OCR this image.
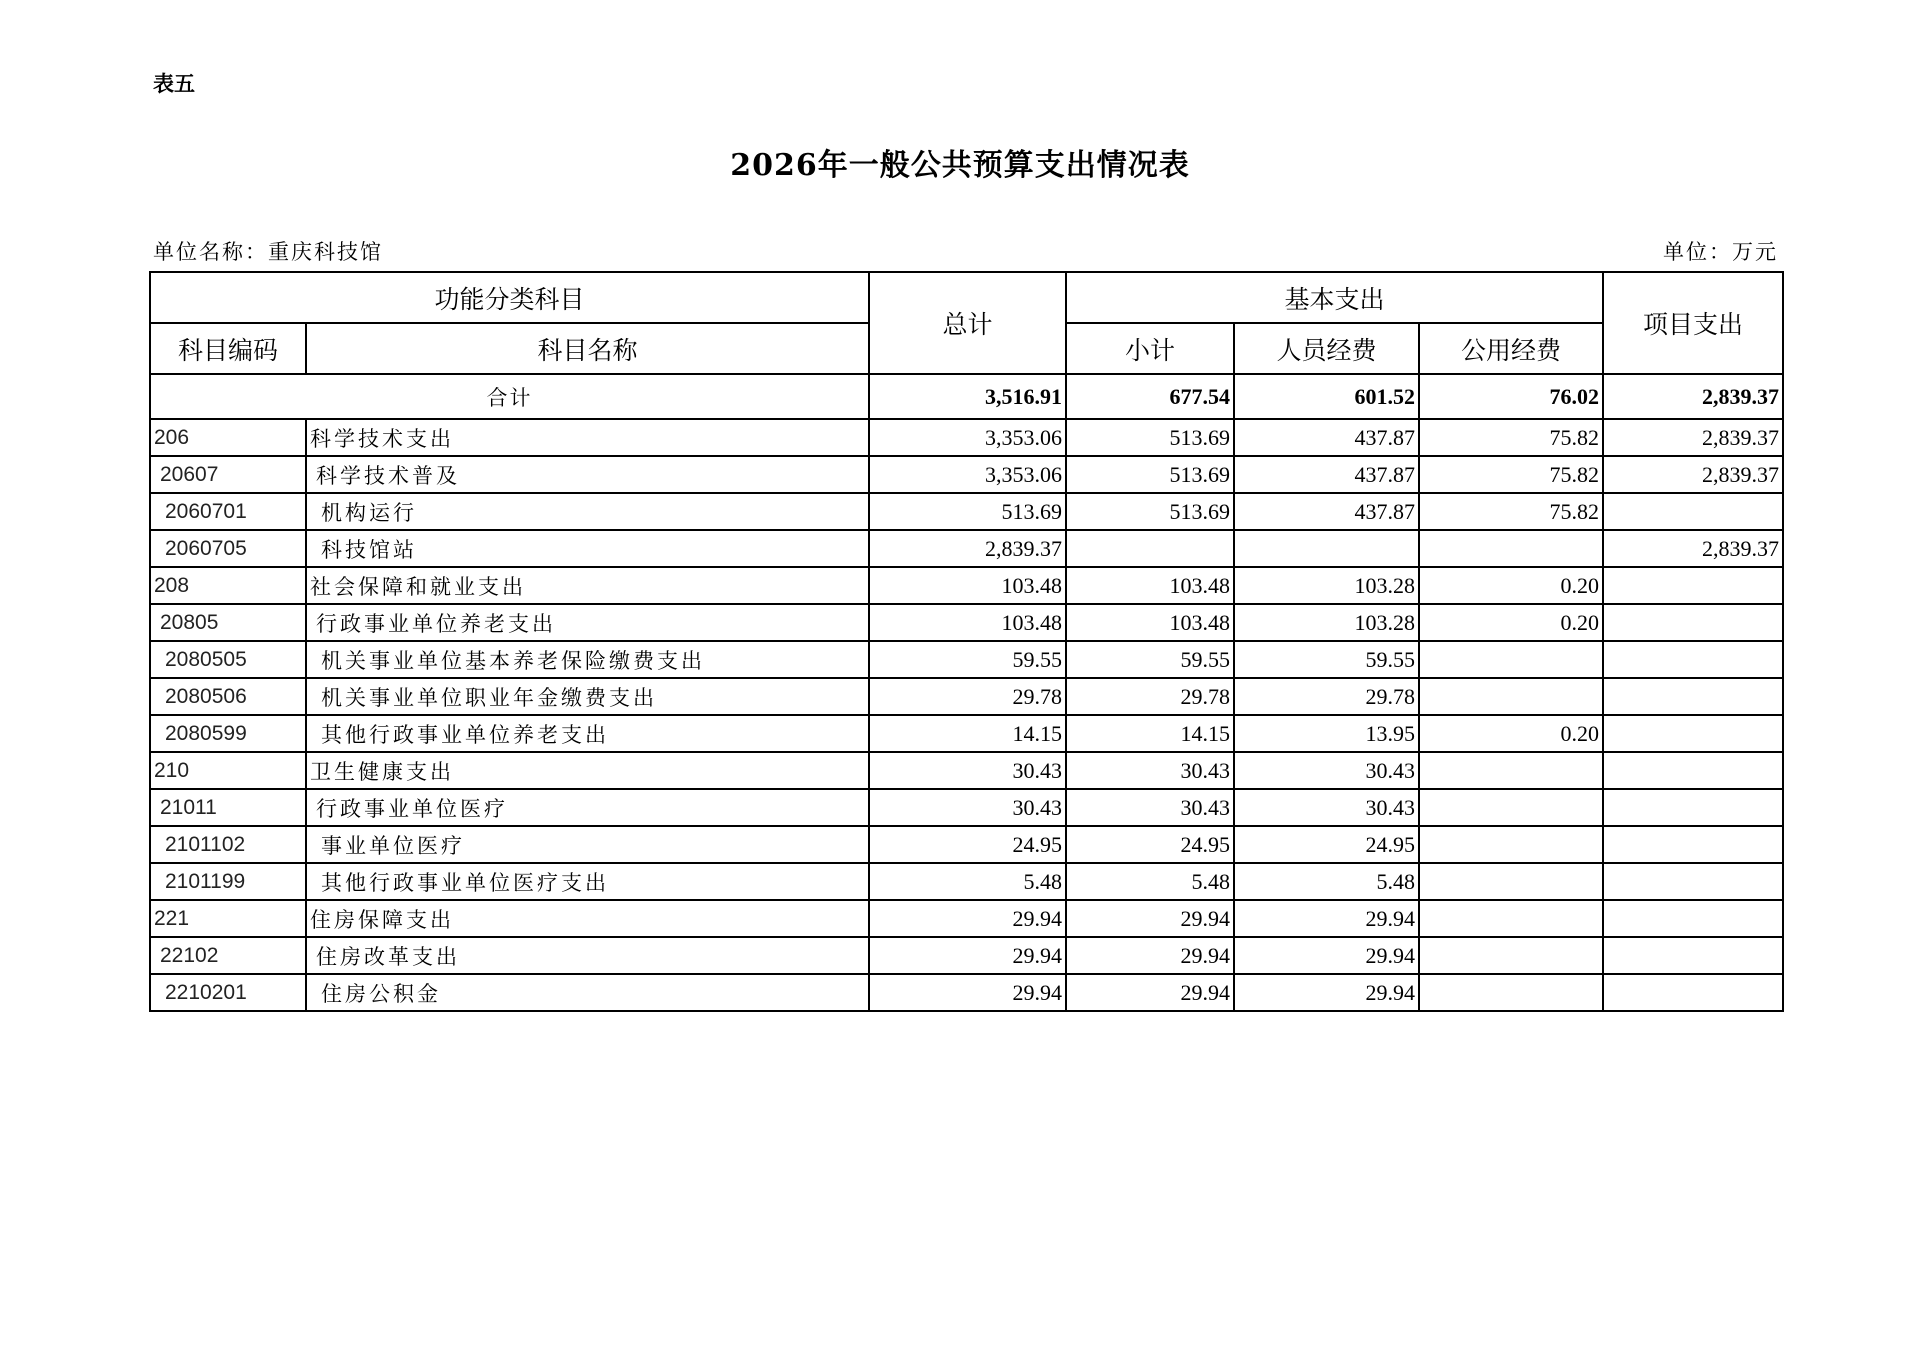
表五
2026年一般公共预算支出情况表
单位名称：重庆科技馆	单位：万元
功能分类科目		总计	基本支出			项目支出
科目编码	科目名称		小计	人员经费	公用经费	
合计		3,516.91	677.54	601.52	76.02	2,839.37
206	科学技术支出	3,353.06	513.69	437.87	75.82	2,839.37
20607	科学技术普及	3,353.06	513.69	437.87	75.82	2,839.37
2060701	机构运行	513.69	513.69	437.87	75.82	
2060705	科技馆站	2,839.37				2,839.37
208	社会保障和就业支出	103.48	103.48	103.28	0.20	
20805	行政事业单位养老支出	103.48	103.48	103.28	0.20	
2080505	机关事业单位基本养老保险缴费支出	59.55	59.55	59.55		
2080506	机关事业单位职业年金缴费支出	29.78	29.78	29.78		
2080599	其他行政事业单位养老支出	14.15	14.15	13.95	0.20	
210	卫生健康支出	30.43	30.43	30.43		
21011	行政事业单位医疗	30.43	30.43	30.43		
2101102	事业单位医疗	24.95	24.95	24.95		
2101199	其他行政事业单位医疗支出	5.48	5.48	5.48		
221	住房保障支出	29.94	29.94	29.94		
22102	住房改革支出	29.94	29.94	29.94		
2210201	住房公积金	29.94	29.94	29.94		
